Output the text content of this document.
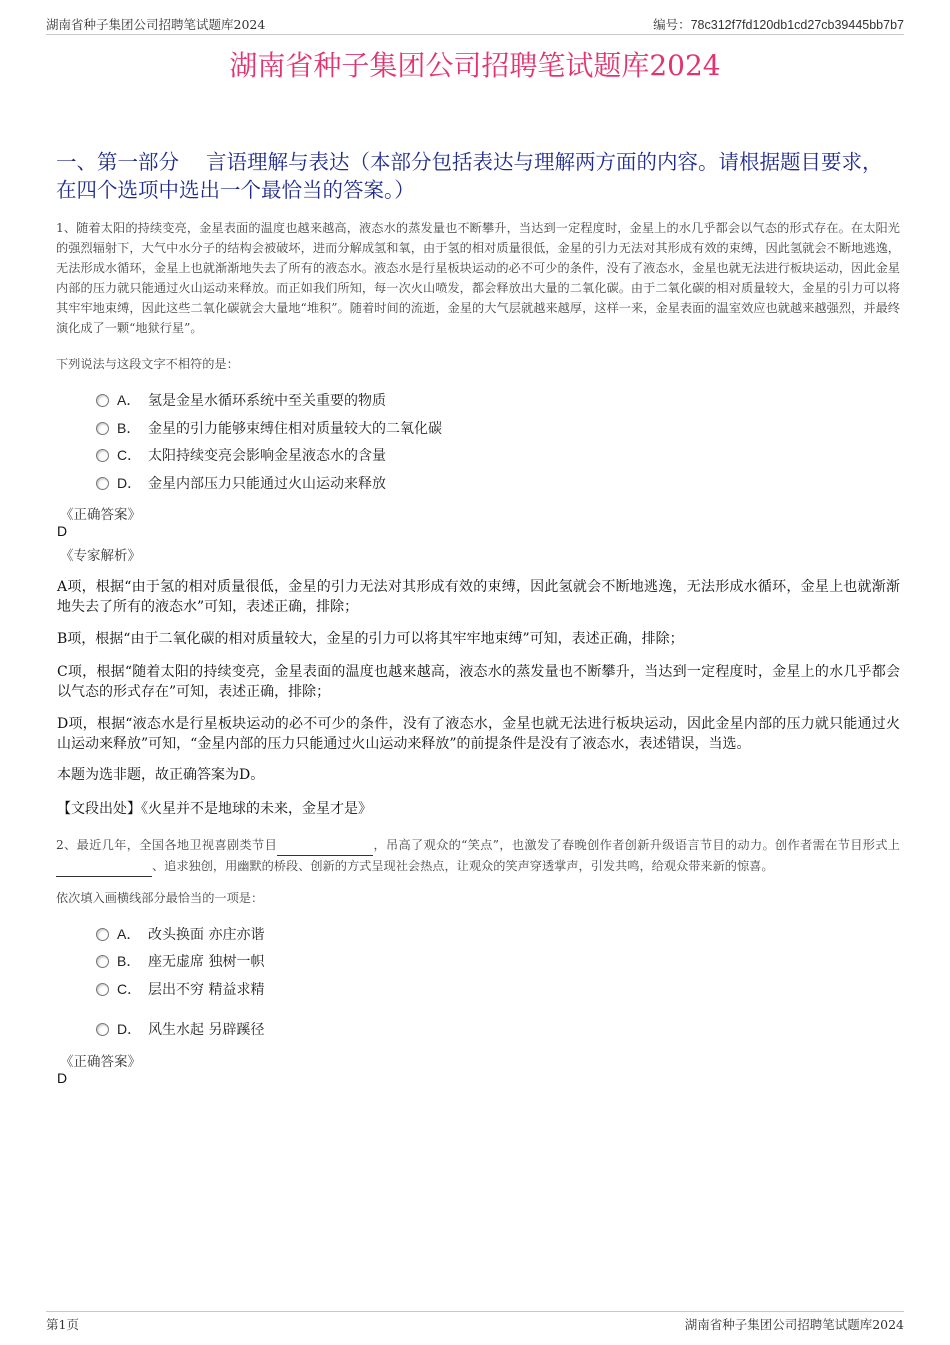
湖南省种子集团公司招聘笔试题库2024	编号：78c312f7fd120db1cd27cb39445bb7b7
湖南省种子集团公司招聘笔试题库2024
一、第一部分　 言语理解与表达（本部分包括表达与理解两方面的内容。请根据题目要求，在四个选项中选出一个最恰当的答案。）
1、随着太阳的持续变亮，金星表面的温度也越来越高，液态水的蒸发量也不断攀升，当达到一定程度时，金星上的水几乎都会以气态的形式存在。在太阳光的强烈辐射下，大气中水分子的结构会被破坏，进而分解成氢和氧，由于氢的相对质量很低，金星的引力无法对其形成有效的束缚，因此氢就会不断地逃逸，无法形成水循环，金星上也就渐渐地失去了所有的液态水。液态水是行星板块运动的必不可少的条件，没有了液态水，金星也就无法进行板块运动，因此金星内部的压力就只能通过火山运动来释放。而正如我们所知，每一次火山喷发，都会释放出大量的二氧化碳。由于二氧化碳的相对质量较大，金星的引力可以将其牢牢地束缚，因此这些二氧化碳就会大量地“堆积”。随着时间的流逝，金星的大气层就越来越厚，这样一来，金星表面的温室效应也就越来越强烈，并最终演化成了一颗“地狱行星”。
下列说法与这段文字不相符的是：
A． 氢是金星水循环系统中至关重要的物质
B． 金星的引力能够束缚住相对质量较大的二氧化碳
C． 太阳持续变亮会影响金星液态水的含量
D． 金星内部压力只能通过火山运动来释放
《正确答案》
D
《专家解析》
A项，根据“由于氢的相对质量很低，金星的引力无法对其形成有效的束缚，因此氢就会不断地逃逸，无法形成水循环，金星上也就渐渐地失去了所有的液态水”可知，表述正确，排除；
B项，根据“由于二氧化碳的相对质量较大，金星的引力可以将其牢牢地束缚”可知，表述正确，排除；
C项，根据“随着太阳的持续变亮，金星表面的温度也越来越高，液态水的蒸发量也不断攀升，当达到一定程度时，金星上的水几乎都会以气态的形式存在”可知，表述正确，排除；
D项，根据“液态水是行星板块运动的必不可少的条件，没有了液态水，金星也就无法进行板块运动，因此金星内部的压力就只能通过火山运动来释放”可知，“金星内部的压力只能通过火山运动来释放”的前提条件是没有了液态水，表述错误，当选。
本题为选非题，故正确答案为D。
【文段出处】《火星并不是地球的未来，金星才是》
2、最近几年，全国各地卫视喜剧类节目	，吊高了观众的“笑点”，也激发了春晚创作者创新升级语言节目的动力。创作者需在节目形式上 、追求独创，用幽默的桥段、创新的方式呈现社会热点，让观众的笑声穿透掌声，引发共鸣，给观众带来新的惊喜。
依次填入画横线部分最恰当的一项是：
A． 改头换面 亦庄亦谐
B． 座无虚席 独树一帜
C． 层出不穷 精益求精
D． 风生水起 另辟蹊径
《正确答案》
D
第1页	湖南省种子集团公司招聘笔试题库2024
